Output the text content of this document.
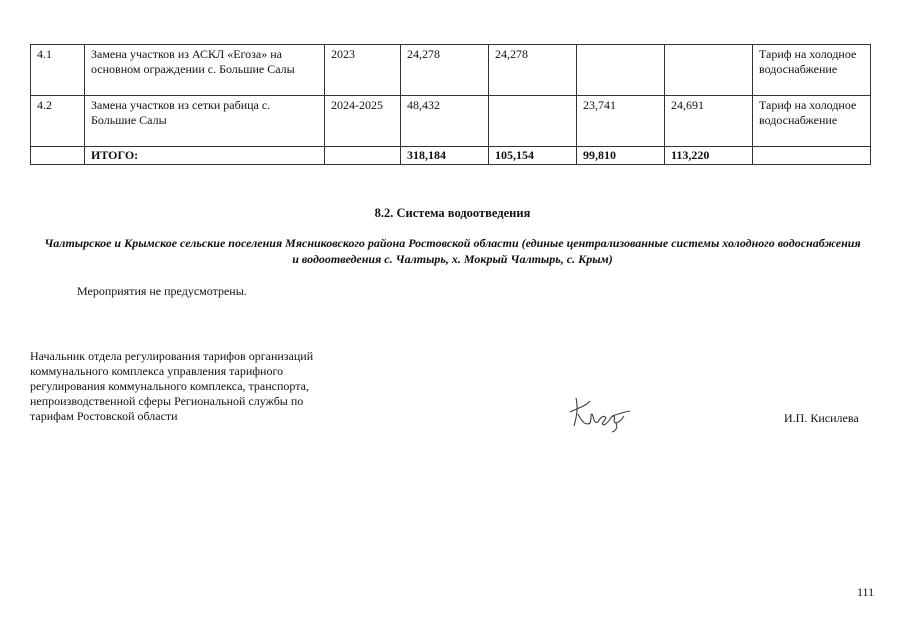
4.1	Замена участков из АСКЛ «Егоза» на основном ограждении с. Большие Салы	2023	24,278	24,278			Тариф на холодное водоснабжение
4.2	Замена участков из сетки рабица с. Большие Салы	2024-2025	48,432		23,741	24,691	Тариф на холодное водоснабжение
	ИТОГО:		318,184	105,154	99,810	113,220	
8.2. Система водоотведения
Чалтырское и Крымское сельские поселения Мясниковского района Ростовской области (единые централизованные системы холодного водоснабжения и водоотведения с. Чалтырь, х. Мокрый Чалтырь, с. Крым)
Мероприятия не предусмотрены.
Начальник отдела регулирования тарифов организаций коммунального комплекса управления тарифного регулирования коммунального комплекса, транспорта, непроизводственной сферы Региональной службы по тарифам Ростовской области	И.П. Кисилева
111
